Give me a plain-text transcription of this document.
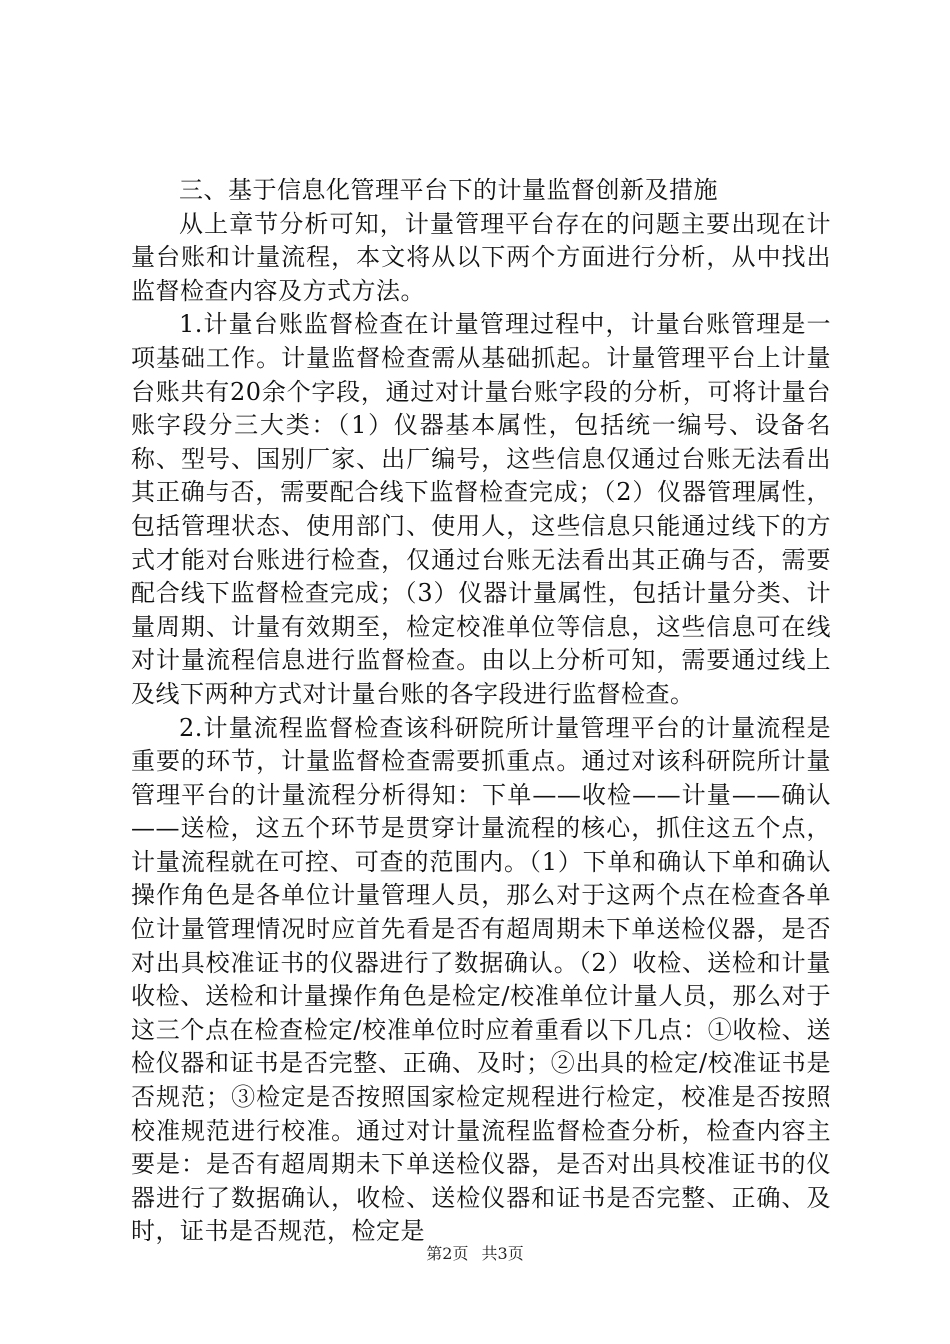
三、基于信息化管理平台下的计量监督创新及措施

从上章节分析可知，计量管理平台存在的问题主要出现在计量台账和计量流程，本文将从以下两个方面进行分析，从中找出监督检查内容及方式方法。

1.计量台账监督检查在计量管理过程中，计量台账管理是一项基础工作。计量监督检查需从基础抓起。计量管理平台上计量台账共有20余个字段，通过对计量台账字段的分析，可将计量台账字段分三大类：（1）仪器基本属性，包括统一编号、设备名称、型号、国别厂家、出厂编号，这些信息仅通过台账无法看出其正确与否，需要配合线下监督检查完成；（2）仪器管理属性，包括管理状态、使用部门、使用人，这些信息只能通过线下的方式才能对台账进行检查，仅通过台账无法看出其正确与否，需要配合线下监督检查完成；（3）仪器计量属性，包括计量分类、计量周期、计量有效期至，检定校准单位等信息，这些信息可在线对计量流程信息进行监督检查。由以上分析可知，需要通过线上及线下两种方式对计量台账的各字段进行监督检查。

2.计量流程监督检查该科研院所计量管理平台的计量流程是重要的环节，计量监督检查需要抓重点。通过对该科研院所计量管理平台的计量流程分析得知：下单——收检——计量——确认——送检，这五个环节是贯穿计量流程的核心，抓住这五个点，计量流程就在可控、可查的范围内。（1）下单和确认下单和确认操作角色是各单位计量管理人员，那么对于这两个点在检查各单位计量管理情况时应首先看是否有超周期未下单送检仪器，是否对出具校准证书的仪器进行了数据确认。（2）收检、送检和计量收检、送检和计量操作角色是检定/校准单位计量人员，那么对于这三个点在检查检定/校准单位时应着重看以下几点：①收检、送检仪器和证书是否完整、正确、及时；②出具的检定/校准证书是否规范；③检定是否按照国家检定规程进行检定，校准是否按照校准规范进行校准。通过对计量流程监督检查分析，检查内容主要是：是否有超周期未下单送检仪器，是否对出具校准证书的仪器进行了数据确认，收检、送检仪器和证书是否完整、正确、及时，证书是否规范，检定是

第2页 共3页
